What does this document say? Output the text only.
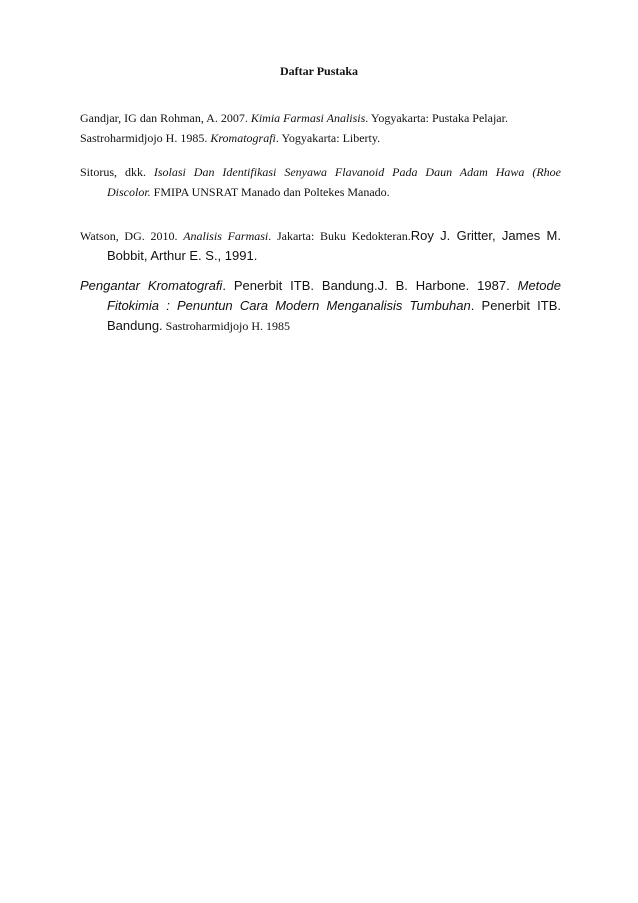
Daftar Pustaka
Gandjar, IG dan Rohman, A. 2007. Kimia Farmasi Analisis. Yogyakarta: Pustaka Pelajar.
Sastroharmidjojo H. 1985. Kromatografi. Yogyakarta: Liberty.
Sitorus, dkk. Isolasi Dan Identifikasi Senyawa Flavanoid Pada Daun Adam Hawa (Rhoe
Discolor. FMIPA UNSRAT Manado dan Poltekes Manado.
Watson, DG. 2010. Analisis Farmasi. Jakarta: Buku Kedokteran.Roy J. Gritter, James M.
Bobbit, Arthur E. S., 1991.
Pengantar Kromatografi. Penerbit ITB. Bandung.J. B. Harbone. 1987. Metode
Fitokimia : Penuntun Cara Modern Menganalisis Tumbuhan. Penerbit ITB.
Bandung. Sastroharmidjojo H. 1985
